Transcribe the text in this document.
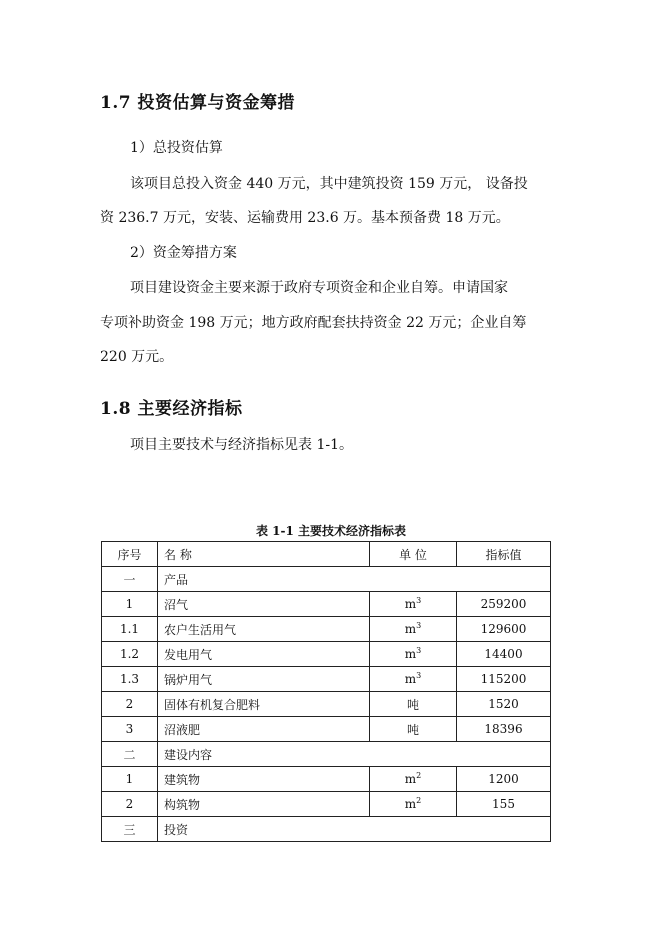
1.7 投资估算与资金筹措
1）总投资估算
该项目总投入资金 440 万元，其中建筑投资 159 万元， 设备投
资 236.7 万元，安装、运输费用 23.6 万。基本预备费 18 万元。
2）资金筹措方案
项目建设资金主要来源于政府专项资金和企业自筹。申请国家
专项补助资金 198 万元；地方政府配套扶持资金 22 万元；企业自筹
220 万元。
1.8 主要经济指标
项目主要技术与经济指标见表 1-1。
表 1-1 主要技术经济指标表
序号	名 称	单 位	指标值
一	产品		
1	沼气	$m^3$	259200
1.1	农户生活用气	$m^3$	129600
1.2	发电用气	$m^3$	14400
1.3	锅炉用气	$m^3$	115200
2	固体有机复合肥料	吨	1520
3	沼液肥	吨	18396
二	建设内容		
1	建筑物	$m^2$	1200
2	构筑物	$m^2$	155
三	投资		
